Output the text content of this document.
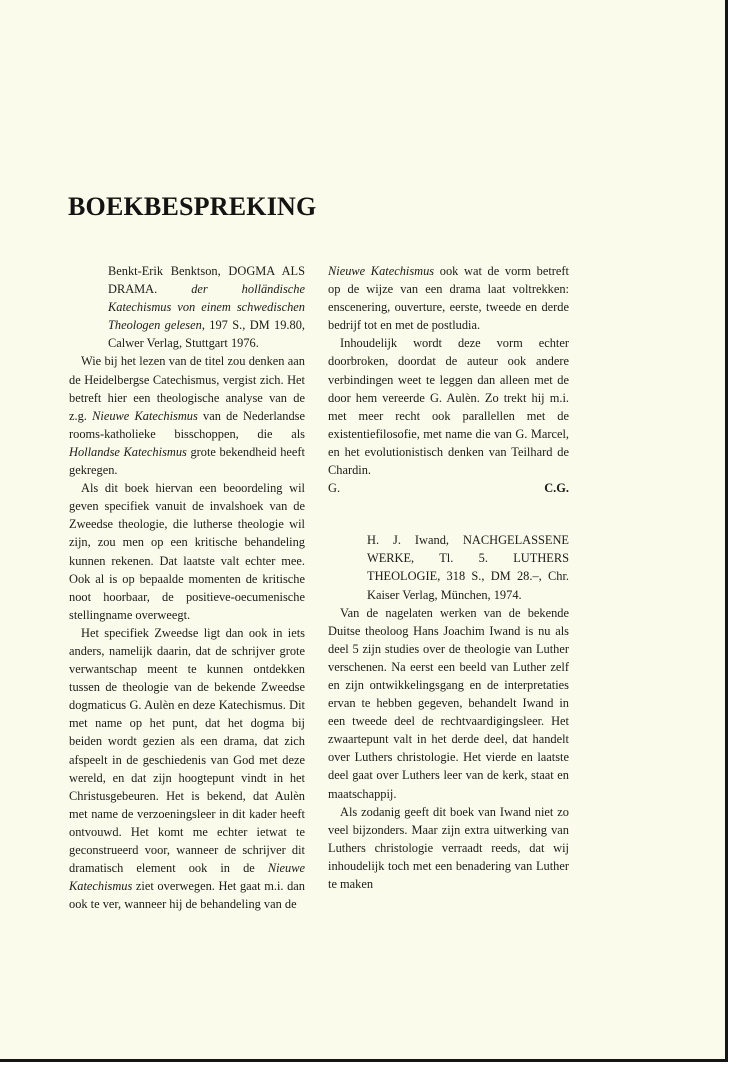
BOEKBESPREKING

Benkt-Erik Benktson, DOGMA ALS DRAMA. der holländische Katechismus von einem schwedischen Theologen gelesen, 197 S., DM 19.80, Calwer Verlag, Stuttgart 1976.

Wie bij het lezen van de titel zou denken aan de Heidelbergse Catechismus, vergist zich. Het betreft hier een theologische analyse van de z.g. Nieuwe Katechismus van de Nederlandse rooms-katholieke bisschoppen, die als Hollandse Katechismus grote bekendheid heeft gekregen.

Als dit boek hiervan een beoordeling wil geven specifiek vanuit de invalshoek van de Zweedse theologie, die lutherse theologie wil zijn, zou men op een kritische behandeling kunnen rekenen. Dat laatste valt echter mee. Ook al is op bepaalde momenten de kritische noot hoorbaar, de positieve-oecumenische stellingname overweegt.

Het specifiek Zweedse ligt dan ook in iets anders, namelijk daarin, dat de schrijver grote verwantschap meent te kunnen ontdekken tussen de theologie van de bekende Zweedse dogmaticus G. Aulèn en deze Katechismus. Dit met name op het punt, dat het dogma bij beiden wordt gezien als een drama, dat zich afspeelt in de geschiedenis van God met deze wereld, en dat zijn hoogtepunt vindt in het Christusgebeuren. Het is bekend, dat Aulèn met name de verzoeningsleer in dit kader heeft ontvouwd. Het komt me echter ietwat te geconstrueerd voor, wanneer de schrijver dit dramatisch element ook in de Nieuwe Katechismus ziet overwegen. Het gaat m.i. dan ook te ver, wanneer hij de behandeling van de

Nieuwe Katechismus ook wat de vorm betreft op de wijze van een drama laat voltrekken: enscenering, ouverture, eerste, tweede en derde bedrijf tot en met de postludia.

Inhoudelijk wordt deze vorm echter doorbroken, doordat de auteur ook andere verbindingen weet te leggen dan alleen met de door hem vereerde G. Aulèn. Zo trekt hij m.i. met meer recht ook parallellen met de existentiefilosofie, met name die van G. Marcel, en het evolutionistisch denken van Teilhard de Chardin.

G.	C.G.

H. J. Iwand, NACHGELASSENE WERKE, Tl. 5. LUTHERS THEOLOGIE, 318 S., DM 28.–, Chr. Kaiser Verlag, München, 1974.

Van de nagelaten werken van de bekende Duitse theoloog Hans Joachim Iwand is nu als deel 5 zijn studies over de theologie van Luther verschenen. Na eerst een beeld van Luther zelf en zijn ontwikkelingsgang en de interpretaties ervan te hebben gegeven, behandelt Iwand in een tweede deel de rechtvaardigingsleer. Het zwaartepunt valt in het derde deel, dat handelt over Luthers christologie. Het vierde en laatste deel gaat over Luthers leer van de kerk, staat en maatschappij.

Als zodanig geeft dit boek van Iwand niet zo veel bijzonders. Maar zijn extra uitwerking van Luthers christologie verraadt reeds, dat wij inhoudelijk toch met een benadering van Luther te maken
